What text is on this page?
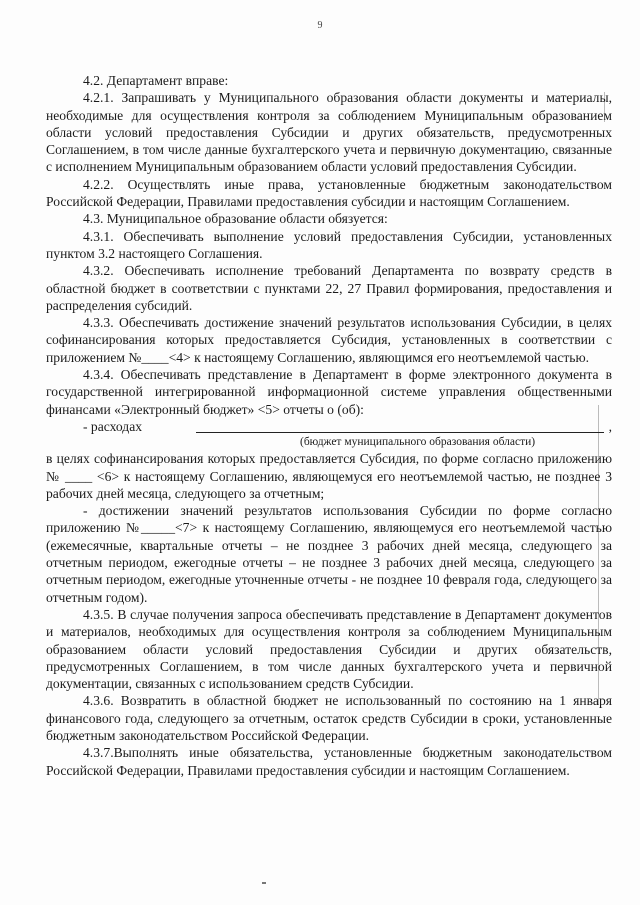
9

4.2. Департамент вправе:

4.2.1. Запрашивать у Муниципального образования области документы и материалы, необходимые для осуществления контроля за соблюдением Муниципальным образованием области условий предоставления Субсидии и других обязательств, предусмотренных Соглашением, в том числе данные бухгалтерского учета и первичную документацию, связанные с исполнением Муниципальным образованием области условий предоставления Субсидии.

4.2.2. Осуществлять иные права, установленные бюджетным законодательством Российской Федерации, Правилами предоставления субсидии и настоящим Соглашением.

4.3. Муниципальное образование области обязуется:

4.3.1. Обеспечивать выполнение условий предоставления Субсидии, установленных пунктом 3.2 настоящего Соглашения.

4.3.2. Обеспечивать исполнение требований Департамента по возврату средств в областной бюджет в соответствии с пунктами 22, 27 Правил формирования, предоставления и распределения субсидий.

4.3.3. Обеспечивать достижение значений результатов использования Субсидии, в целях софинансирования которых предоставляется Субсидия, установленных в соответствии с приложением №____<4> к настоящему Соглашению, являющимся его неотъемлемой частью.

4.3.4. Обеспечивать представление в Департамент в форме электронного документа в государственной интегрированной информационной системе управления общественными финансами «Электронный бюджет» <5> отчеты о (об):

- расходах	,
(бюджет муниципального образования области)

в целях софинансирования которых предоставляется Субсидия, по форме согласно приложению № ____ <6> к настоящему Соглашению, являющемуся его неотъемлемой частью, не позднее 3 рабочих дней месяца, следующего за отчетным;

- достижении значений результатов использования Субсидии по форме согласно приложению №_____<7> к настоящему Соглашению, являющемуся его неотъемлемой частью (ежемесячные, квартальные отчеты – не позднее 3 рабочих дней месяца, следующего за отчетным периодом, ежегодные отчеты – не позднее 3 рабочих дней месяца, следующего за отчетным периодом, ежегодные уточненные отчеты - не позднее 10 февраля года, следующего за отчетным годом).

4.3.5. В случае получения запроса обеспечивать представление в Департамент документов и материалов, необходимых для осуществления контроля за соблюдением Муниципальным образованием области условий предоставления Субсидии и других обязательств, предусмотренных Соглашением, в том числе данных бухгалтерского учета и первичной документации, связанных с использованием средств Субсидии.

4.3.6. Возвратить в областной бюджет не использованный по состоянию на 1 января финансового года, следующего за отчетным, остаток средств Субсидии в сроки, установленные бюджетным законодательством Российской Федерации.

4.3.7.Выполнять иные обязательства, установленные бюджетным законодательством Российской Федерации, Правилами предоставления субсидии и настоящим Соглашением.
